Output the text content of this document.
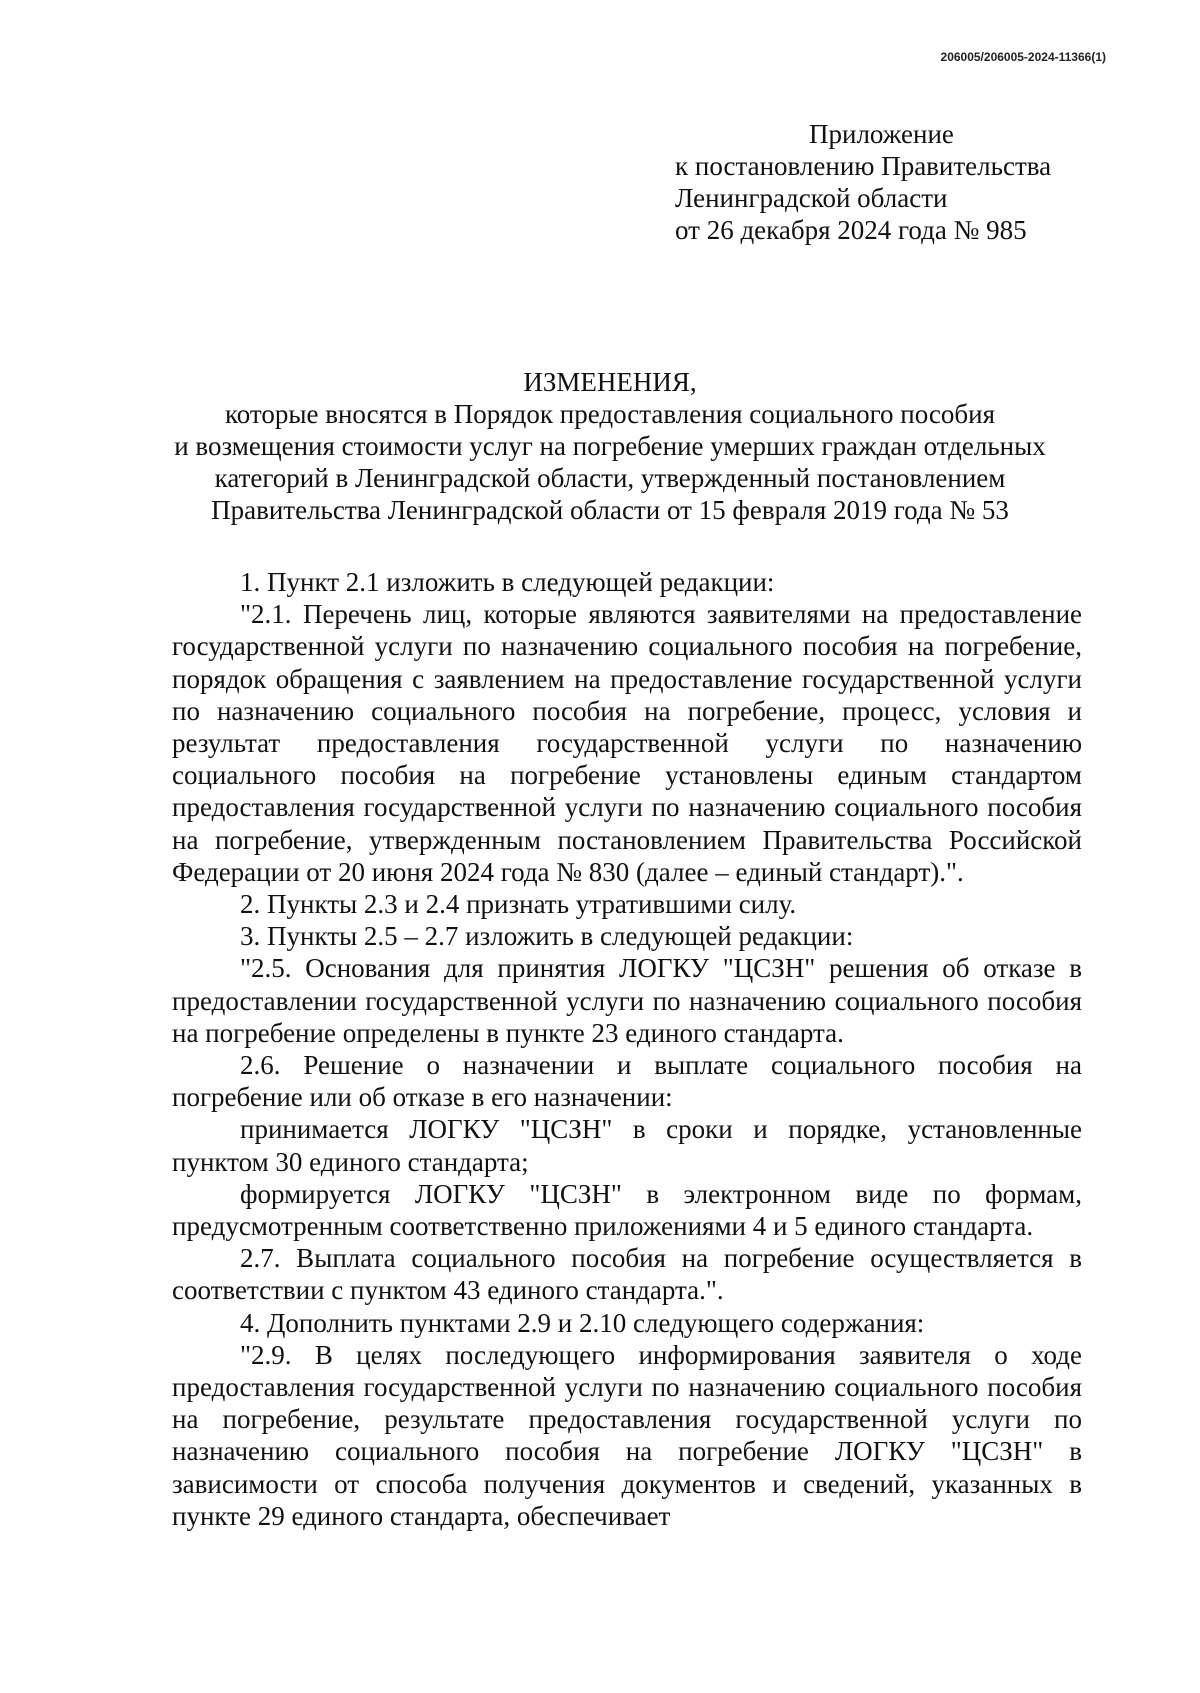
206005/206005-2024-11366(1)
Приложение
к постановлению Правительства
Ленинградской области
от 26 декабря 2024 года № 985
ИЗМЕНЕНИЯ,
которые вносятся в Порядок предоставления социального пособия
и возмещения стоимости услуг на погребение умерших граждан отдельных
категорий в Ленинградской области, утвержденный постановлением
Правительства Ленинградской области от 15 февраля 2019 года № 53

1. Пункт 2.1 изложить в следующей редакции:

"2.1. Перечень лиц, которые являются заявителями на предоставление государственной услуги по назначению социального пособия на погребение, порядок обращения с заявлением на предоставление государственной услуги по назначению социального пособия на погребение, процесс, условия и результат предоставления государственной услуги по назначению социального пособия на погребение установлены единым стандартом предоставления государственной услуги по назначению социального пособия на погребение, утвержденным постановлением Правительства Российской Федерации от 20 июня 2024 года № 830 (далее – единый стандарт).".

2. Пункты 2.3 и 2.4 признать утратившими силу.

3. Пункты 2.5 – 2.7 изложить в следующей редакции:

"2.5. Основания для принятия ЛОГКУ "ЦСЗН" решения об отказе в предоставлении государственной услуги по назначению социального пособия на погребение определены в пункте 23 единого стандарта.

2.6. Решение о назначении и выплате социального пособия на погребение или об отказе в его назначении:

принимается ЛОГКУ "ЦСЗН" в сроки и порядке, установленные пунктом 30 единого стандарта;

формируется ЛОГКУ "ЦСЗН" в электронном виде по формам, предусмотренным соответственно приложениями 4 и 5 единого стандарта.

2.7. Выплата социального пособия на погребение осуществляется в соответствии с пунктом 43 единого стандарта.".

4. Дополнить пунктами 2.9 и 2.10 следующего содержания:

"2.9. В целях последующего информирования заявителя о ходе предоставления государственной услуги по назначению социального пособия на погребение, результате предоставления государственной услуги по назначению социального пособия на погребение ЛОГКУ "ЦСЗН" в зависимости от способа получения документов и сведений, указанных в пункте 29 единого стандарта, обеспечивает
